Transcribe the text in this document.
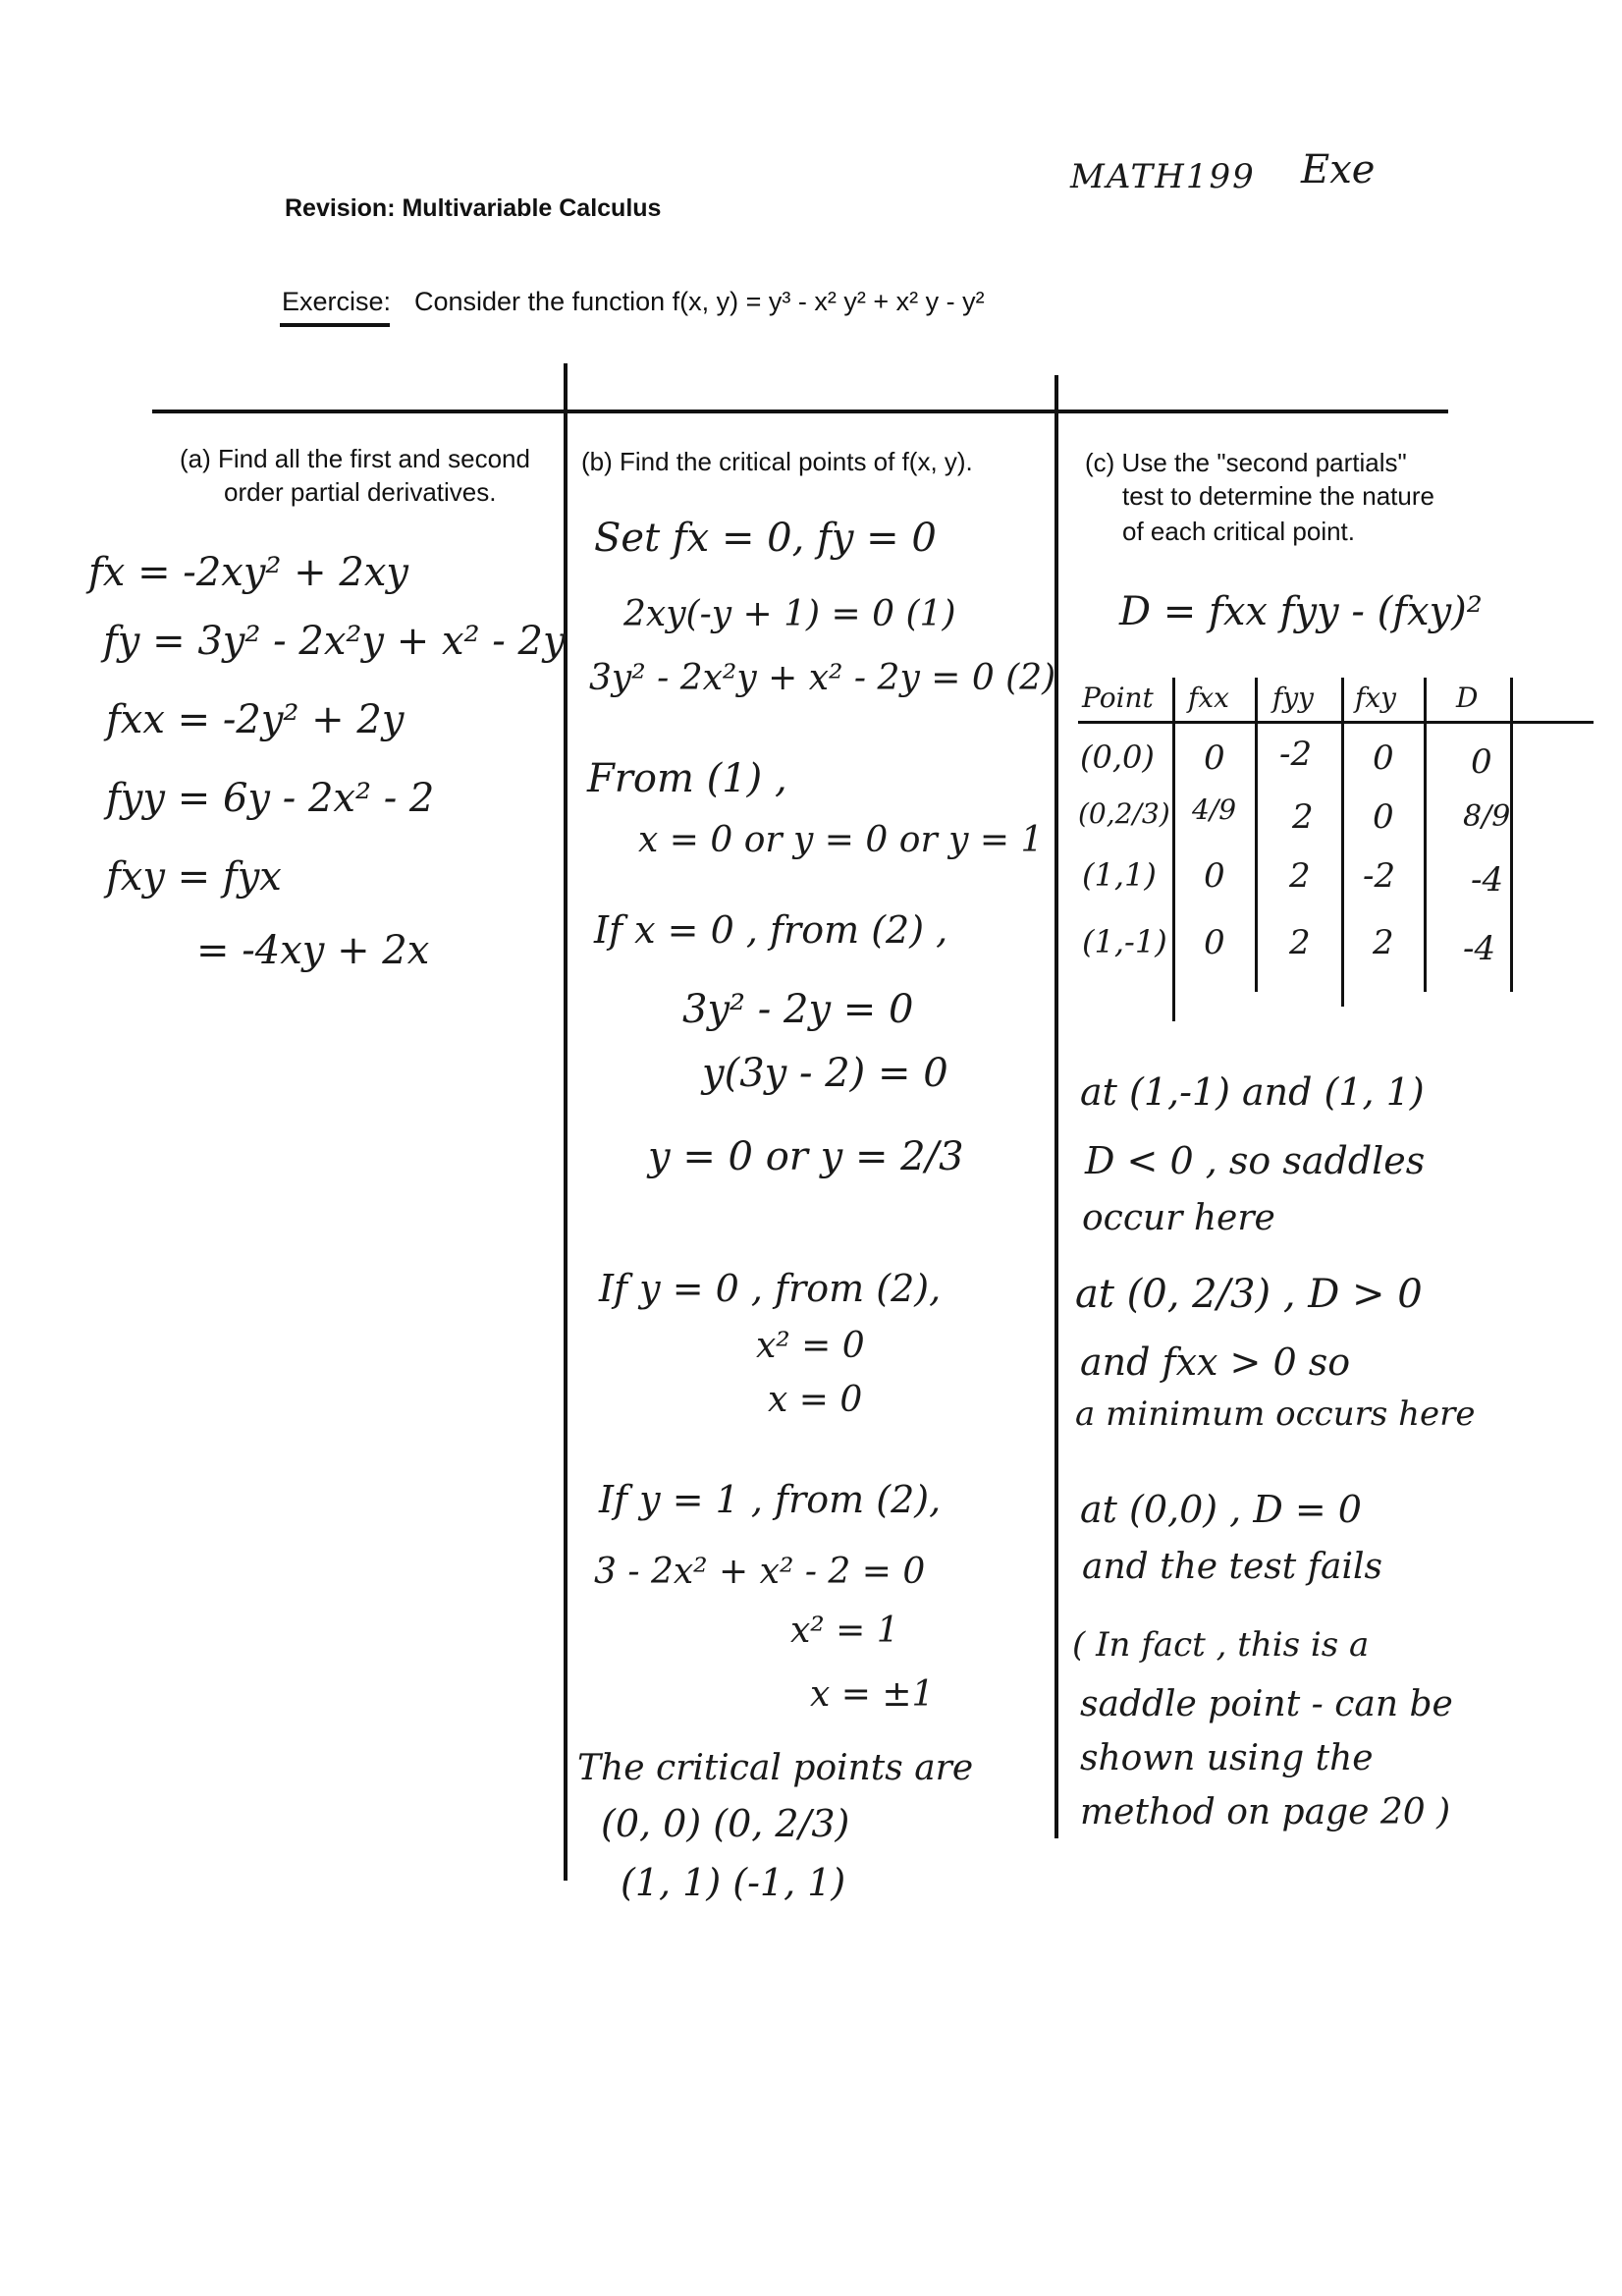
MATH199 Exe
Revision: Multivariable Calculus
Exercise: Consider the function f(x, y) = y³ - x² y² + x² y - y²
(a) Find all the first and second
order partial derivatives.
fx = -2xy² + 2xy
fy = 3y² - 2x²y + x² - 2y
fxx = -2y² + 2y
fyy = 6y - 2x² - 2
fxy = fyx
= -4xy + 2x
(b) Find the critical points of f(x, y).
Set fx = 0, fy = 0
2xy(-y + 1) = 0 (1)
3y² - 2x²y + x² - 2y = 0 (2)
From (1) ,
x = 0 or y = 0 or y = 1
If x = 0 , from (2) ,
3y² - 2y = 0
y(3y - 2) = 0
y = 0 or y = 2/3
If y = 0 , from (2),
x² = 0
x = 0
If y = 1 , from (2),
3 - 2x² + x² - 2 = 0
x² = 1
x = ±1
The critical points are
(0, 0) (0, 2/3)
(1, 1) (-1, 1)
(c) Use the "second partials"
test to determine the nature
of each critical point.
D = fxx fyy - (fxy)²
Point fxx fyy fxy D
(0,0) 0 -2 0 0
(0,2/3) 4/9 2 0 8/9
(1,1) 0 2 -2 -4
(1,-1) 0 2 2 -4
at (1,-1) and (1, 1)
D < 0 , so saddles
occur here
at (0, 2/3) , D > 0
and fxx > 0 so
a minimum occurs here
at (0,0) , D = 0
and the test fails
( In fact , this is a
saddle point - can be
shown using the
method on page 20 )
